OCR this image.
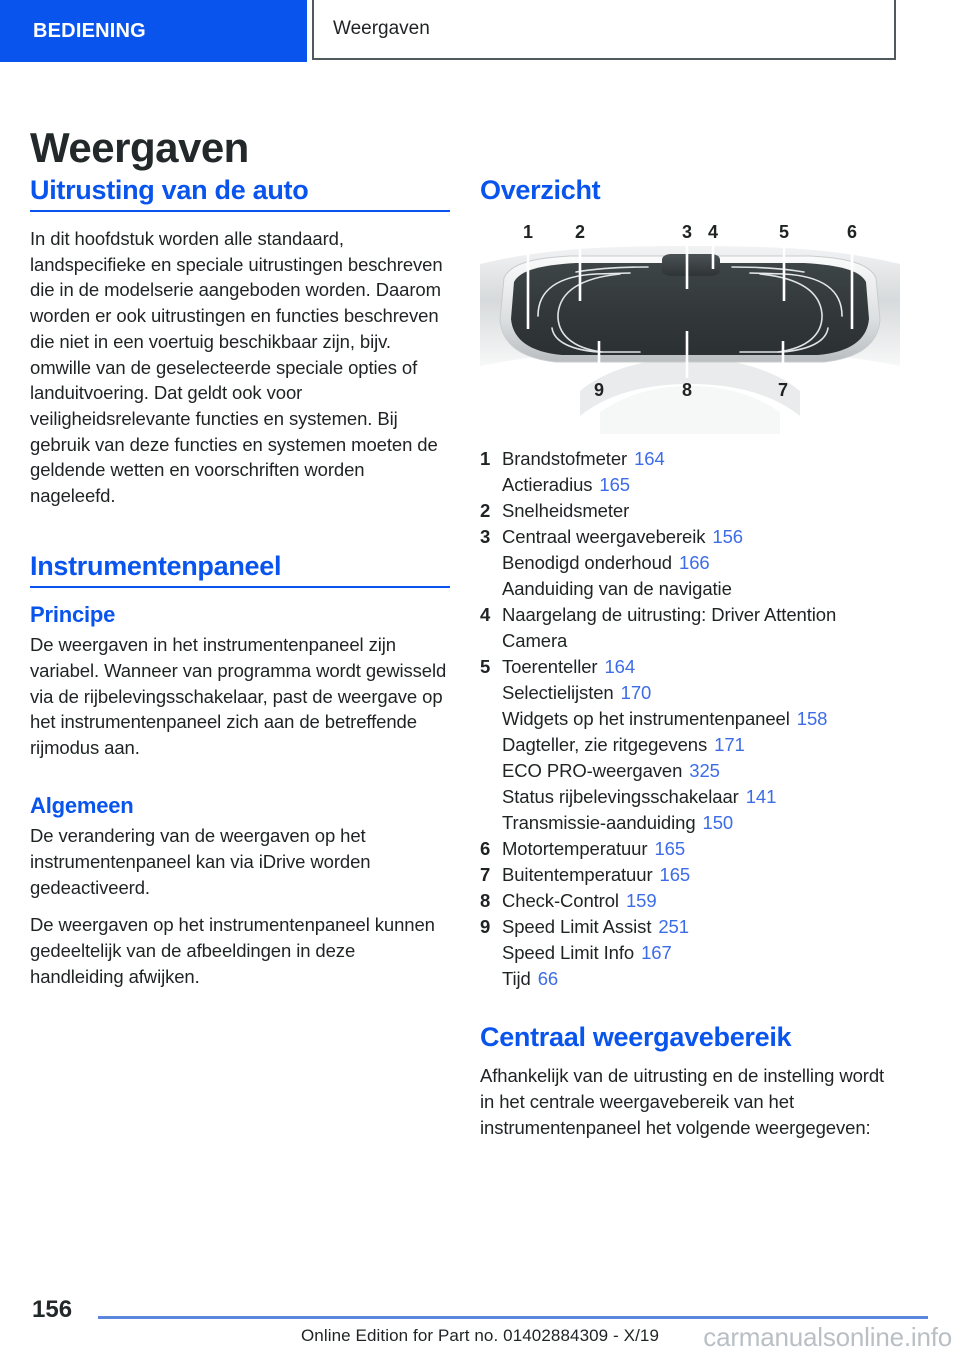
BEDIENING	Weergaven
Weergaven
Uitrusting van de auto

In dit hoofdstuk worden alle standaard, landspecifieke en speciale uitrustingen beschreven die in de modelserie aangeboden worden. Daarom worden er ook uitrustingen en functies beschreven die niet in een voertuig beschikbaar zijn, bijv. omwille van de geselecteerde speciale opties of landuitvoering. Dat geldt ook voor veiligheidsrelevante functies en systemen. Bij gebruik van deze functies en systemen moeten de geldende wetten en voorschriften worden nageleefd.

Instrumentenpaneel
Principe

De weergaven in het instrumentenpaneel zijn variabel. Wanneer van programma wordt gewisseld via de rijbelevingsschakelaar, past de weergave op het instrumentenpaneel zich aan de betreffende rijmodus aan.

Algemeen

De verandering van de weergaven op het instrumentenpaneel kan via iDrive worden gedeactiveerd.

De weergaven op het instrumentenpaneel kunnen gedeeltelijk van de afbeeldingen in deze handleiding afwijken.

Overzicht
1 2	3 4	5	6
9	8	7
1 Brandstofmeter 164
Actieradius 165
2 Snelheidsmeter
3 Centraal weergavebereik 156
Benodigd onderhoud 166
Aanduiding van de navigatie
4 Naargelang de uitrusting: Driver Attention Camera
5 Toerenteller 164
Selectielijsten 170
Widgets op het instrumentenpaneel 158
Dagteller, zie ritgegevens 171
ECO PRO-weergaven 325
Status rijbelevingsschakelaar 141
Transmissie-aanduiding 150
6 Motortemperatuur 165
7 Buitentemperatuur 165
8 Check-Control 159
9 Speed Limit Assist 251
Speed Limit Info 167
Tijd 66
Centraal weergavebereik

Afhankelijk van de uitrusting en de instelling wordt in het centrale weergavebereik van het instrumentenpaneel het volgende weergegeven:

156
Online Edition for Part no. 01402884309 - X/19	carmanualsonline.info
